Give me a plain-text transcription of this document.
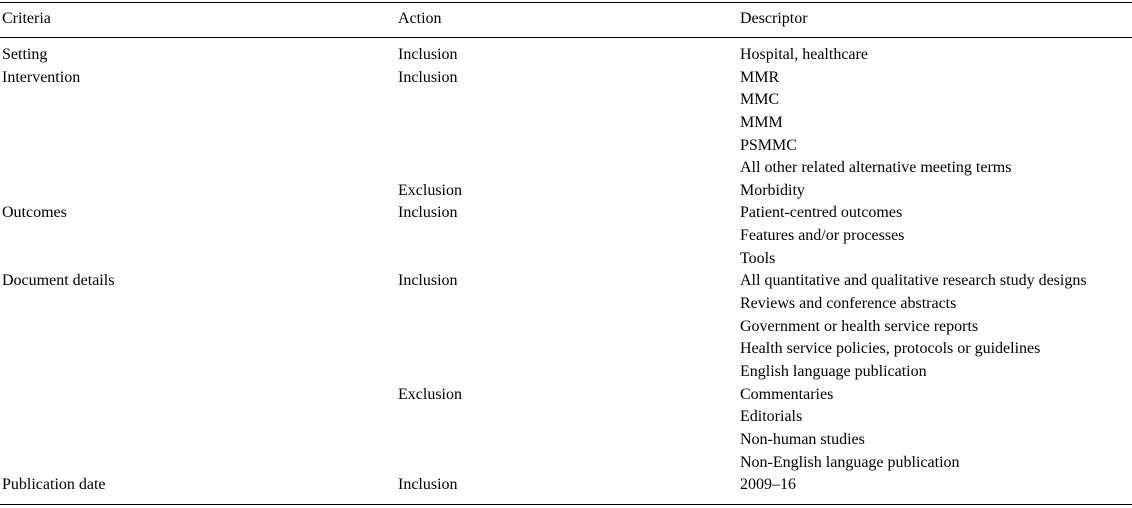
Criteria	Action	Descriptor
Setting
Intervention
Outcomes
Document details
Publication date
Inclusion
Inclusion
Exclusion
Inclusion
Inclusion
Exclusion
Inclusion
Hospital, healthcare
MMR
MMC
MMM
PSMMC
All other related alternative meeting terms
Morbidity
Patient-centred outcomes
Features and/or processes
Tools
All quantitative and qualitative research study designs
Reviews and conference abstracts
Government or health service reports
Health service policies, protocols or guidelines
English language publication
Commentaries
Editorials
Non-human studies
Non-English language publication
2009–16
